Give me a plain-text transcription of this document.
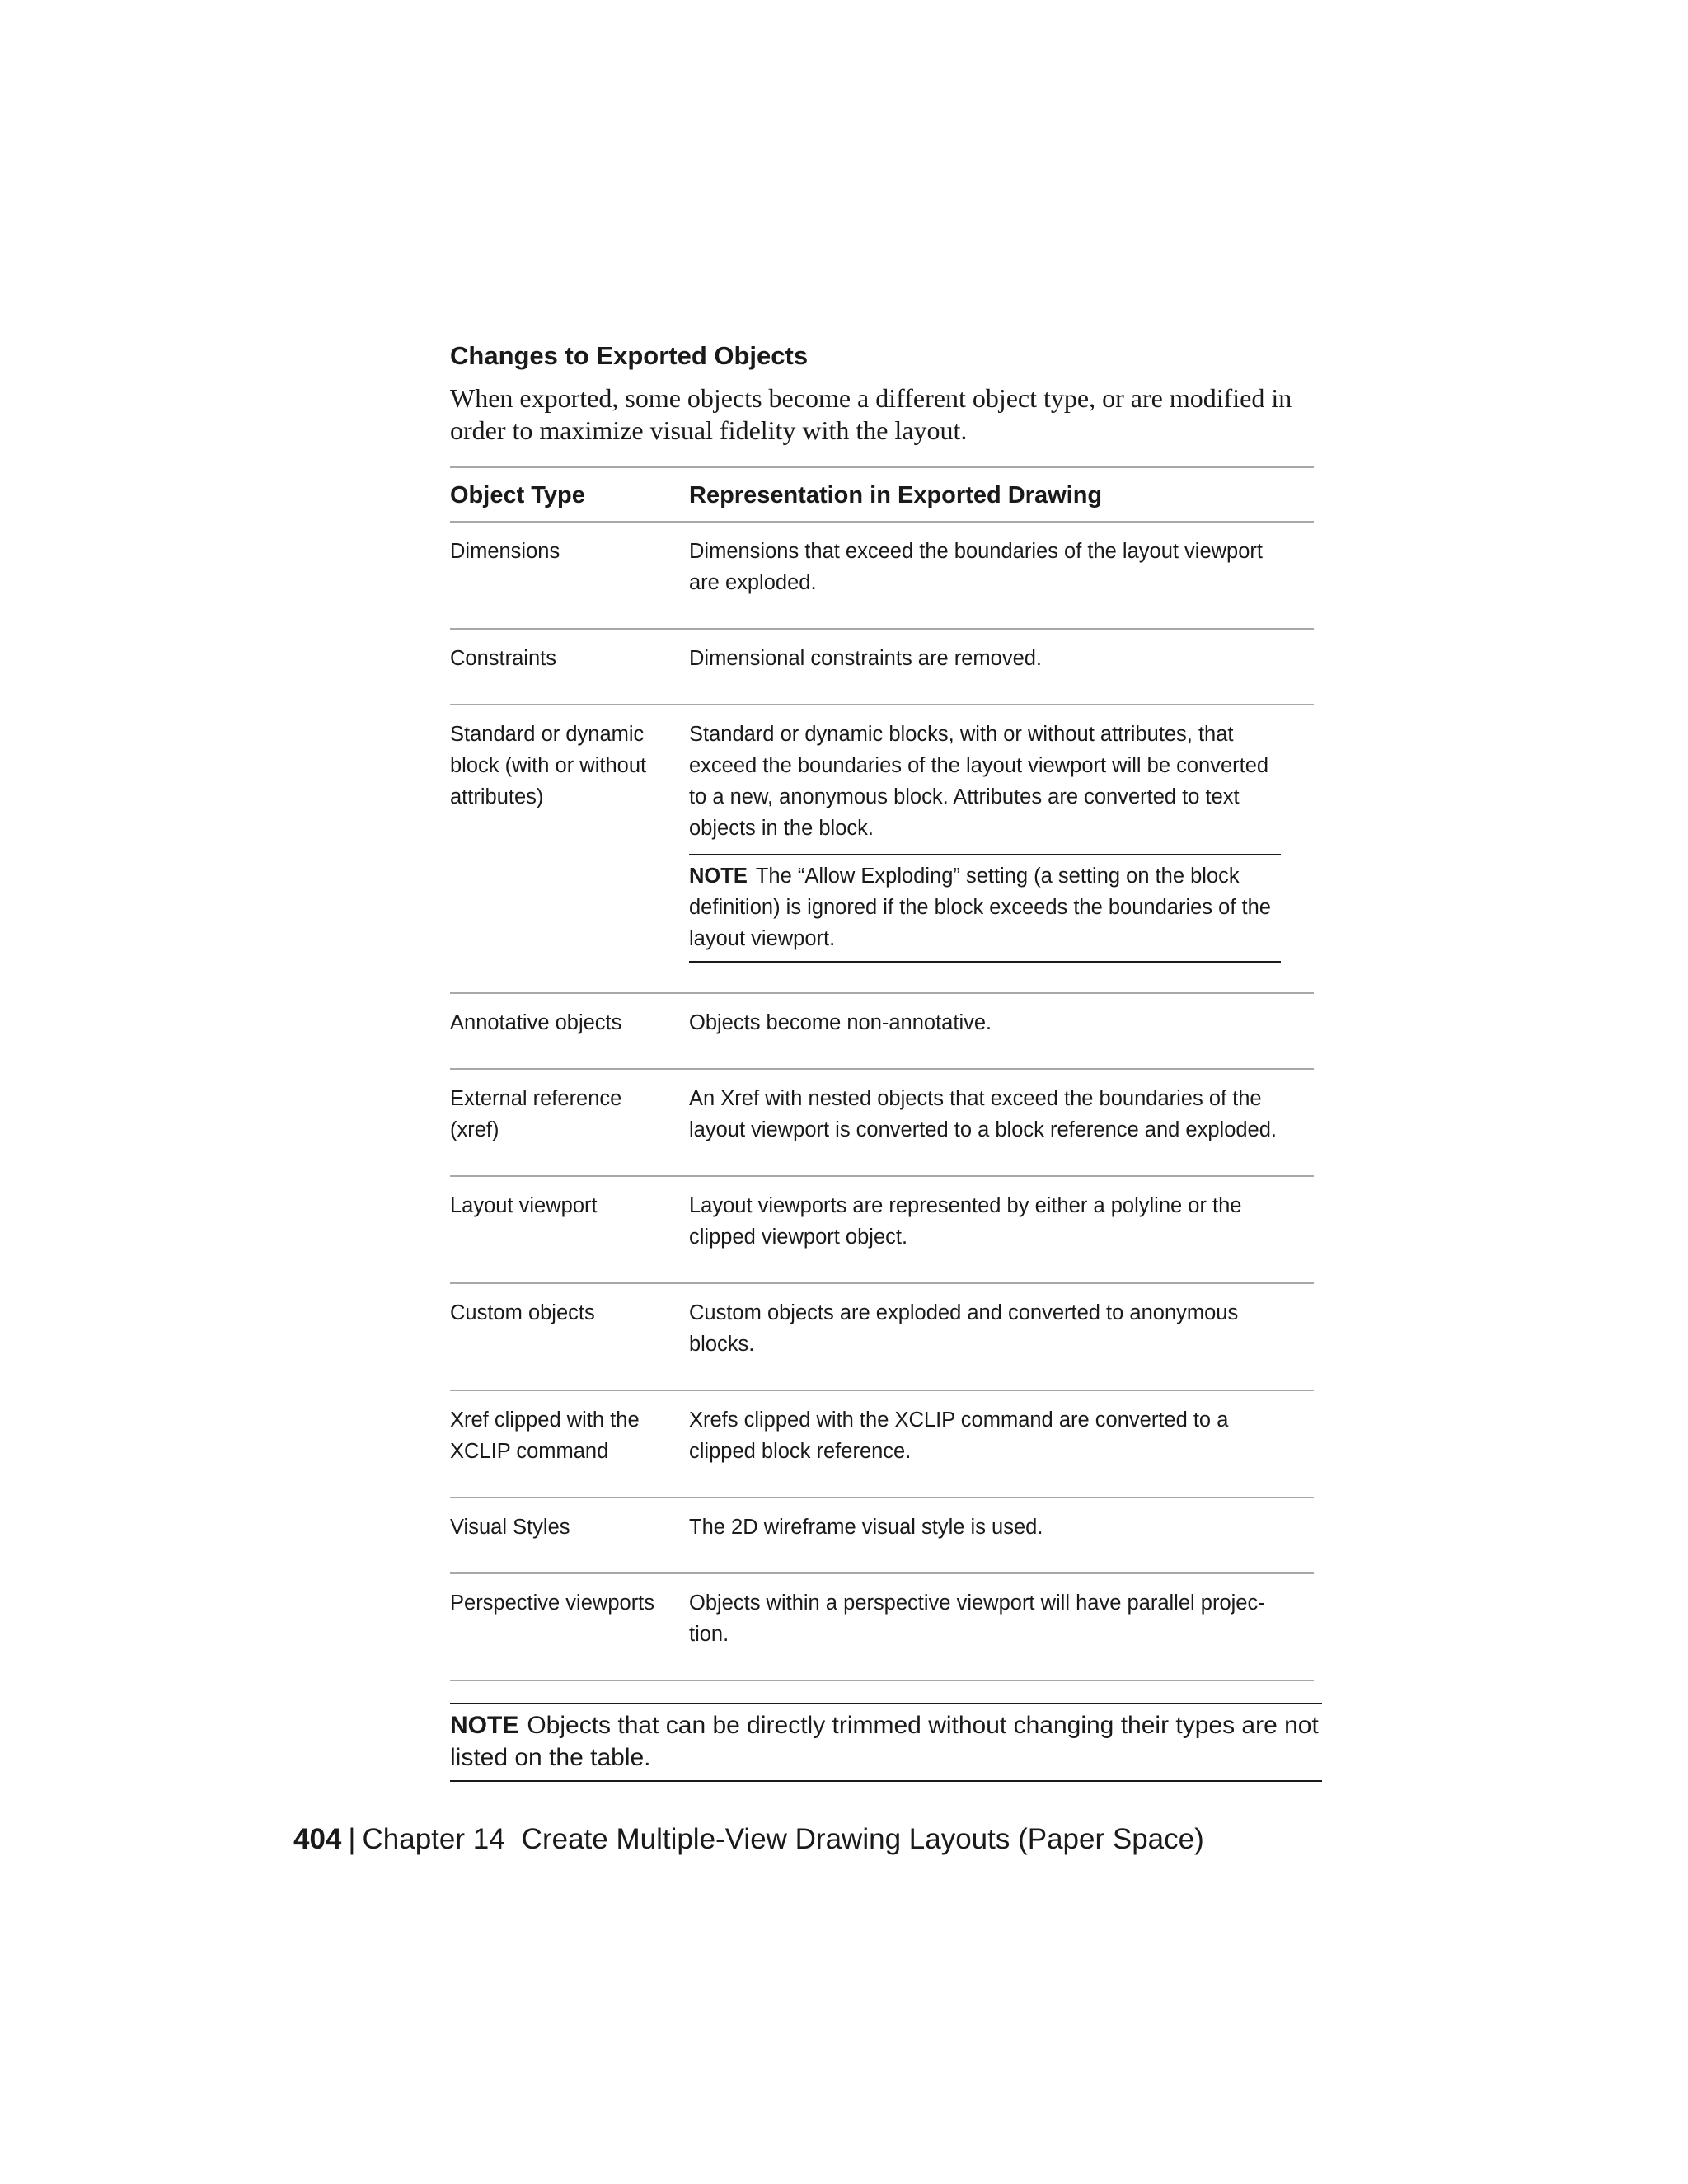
Changes to Exported Objects
When exported, some objects become a different object type, or are modified in order to maximize visual fidelity with the layout.
Object Type	Representation in Exported Drawing
Dimensions	Dimensions that exceed the boundaries of the layout viewport are exploded.
Constraints	Dimensional constraints are removed.
Standard or dynamic block (with or without attributes)	Standard or dynamic blocks, with or without attributes, that exceed the boundaries of the layout viewport will be converted to a new, anonymous block. Attributes are converted to text objects in the block.
NOTE The “Allow Exploding” setting (a setting on the block definition) is ignored if the block exceeds the boundaries of the layout viewport.

Annotative objects	Objects become non-annotative.
External reference (xref)	An Xref with nested objects that exceed the boundaries of the layout viewport is converted to a block reference and exploded.
Layout viewport	Layout viewports are represented by either a polyline or the clipped viewport object.
Custom objects	Custom objects are exploded and converted to anonymous blocks.
Xref clipped with the XCLIP command	Xrefs clipped with the XCLIP command are converted to a clipped block reference.
Visual Styles	The 2D wireframe visual style is used.
Perspective viewports	Objects within a perspective viewport will have parallel projec-tion.
NOTE Objects that can be directly trimmed without changing their types are not listed on the table.
404 | Chapter 14 Create Multiple-View Drawing Layouts (Paper Space)
